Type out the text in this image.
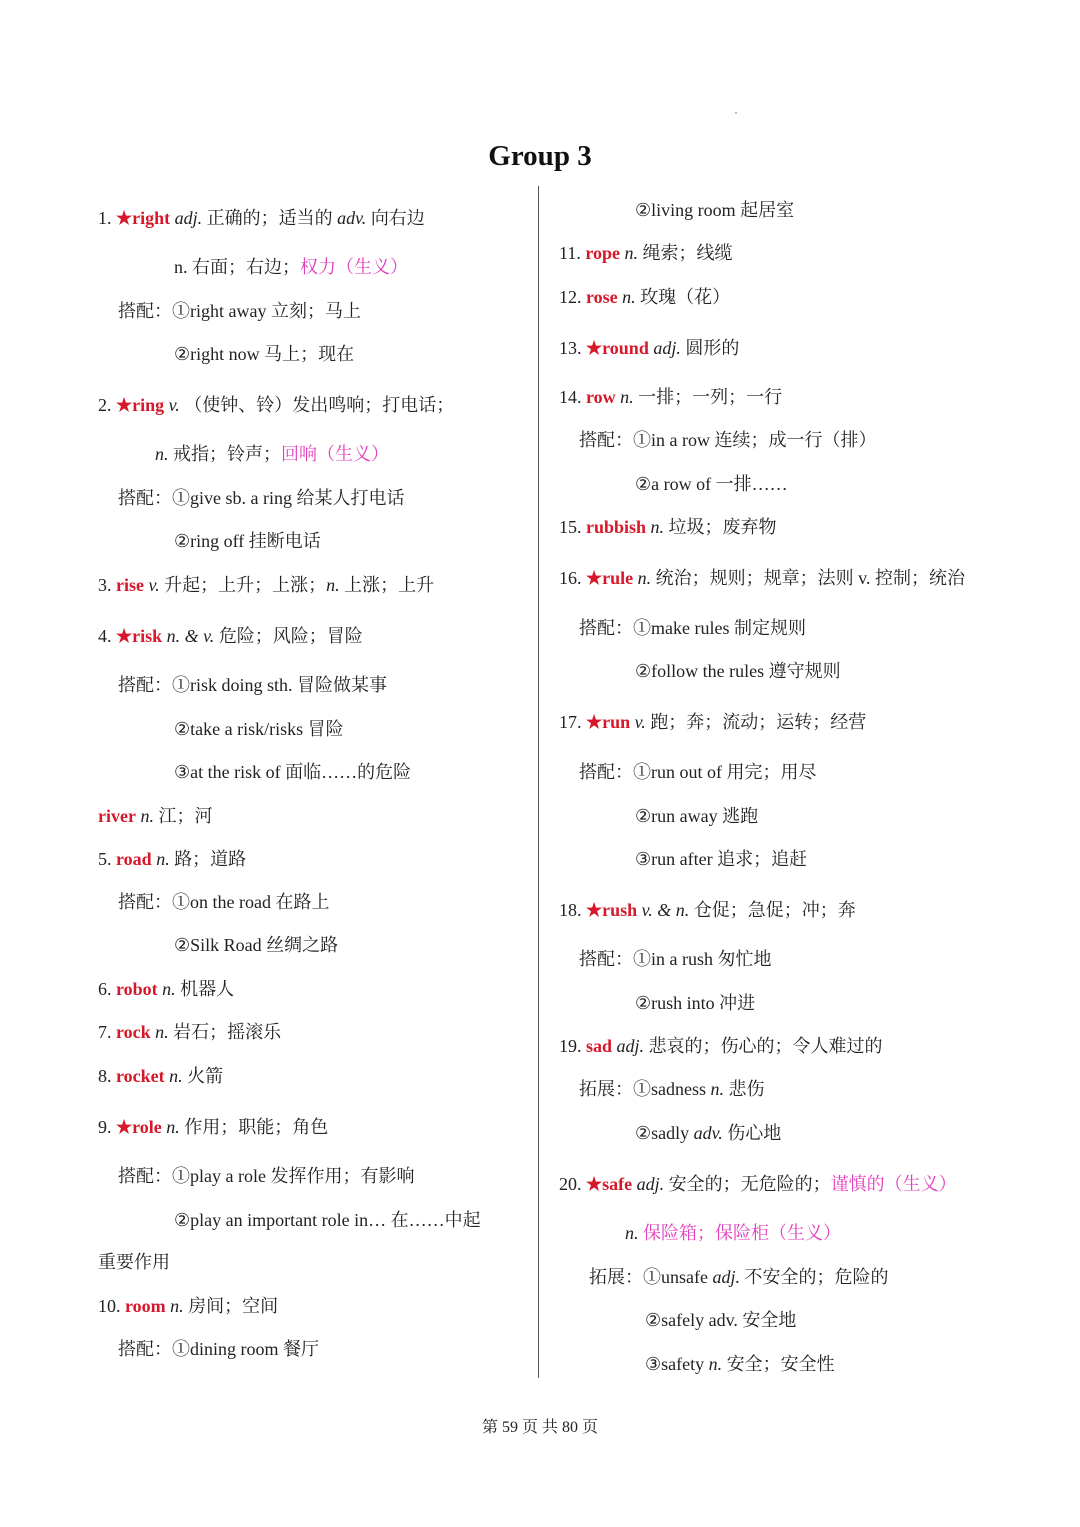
Group 3
1. ★right adj. 正确的；适当的 adv. 向右边
n. 右面；右边；权力（生义）
搭配：①right away 立刻；马上
②right now 马上；现在
2. ★ring v. （使钟、铃）发出鸣响；打电话；
n. 戒指；铃声；回响（生义）
搭配：①give sb. a ring 给某人打电话
②ring off 挂断电话
3. rise v. 升起；上升；上涨；n. 上涨；上升
4. ★risk n. & v. 危险；风险；冒险
搭配：①risk doing sth. 冒险做某事
②take a risk/risks 冒险
③at the risk of 面临……的危险
river n. 江；河
5. road n. 路；道路
搭配：①on the road 在路上
②Silk Road 丝绸之路
6. robot n. 机器人
7. rock n. 岩石；摇滚乐
8. rocket n. 火箭
9. ★role n. 作用；职能；角色
搭配：①play a role 发挥作用；有影响
②play an important role in… 在……中起
重要作用
10. room n. 房间；空间
搭配：①dining room 餐厅
②living room 起居室
11. rope n. 绳索；线缆
12. rose n. 玫瑰（花）
13. ★round adj. 圆形的
14. row n. 一排；一列；一行
搭配：①in a row 连续；成一行（排）
②a row of 一排……
15. rubbish n. 垃圾；废弃物
16. ★rule n. 统治；规则；规章；法则 v. 控制；统治
搭配：①make rules 制定规则
②follow the rules 遵守规则
17. ★run v. 跑；奔；流动；运转；经营
搭配：①run out of 用完；用尽
②run away 逃跑
③run after 追求；追赶
18. ★rush v. & n. 仓促；急促；冲；奔
搭配：①in a rush 匆忙地
②rush into 冲进
19. sad adj. 悲哀的；伤心的；令人难过的
拓展：①sadness n. 悲伤
②sadly adv. 伤心地
20. ★safe adj. 安全的；无危险的；谨慎的（生义）
n. 保险箱；保险柜（生义）
拓展：①unsafe adj. 不安全的；危险的
②safely adv. 安全地
③safety n. 安全；安全性
第 59 页 共 80 页
